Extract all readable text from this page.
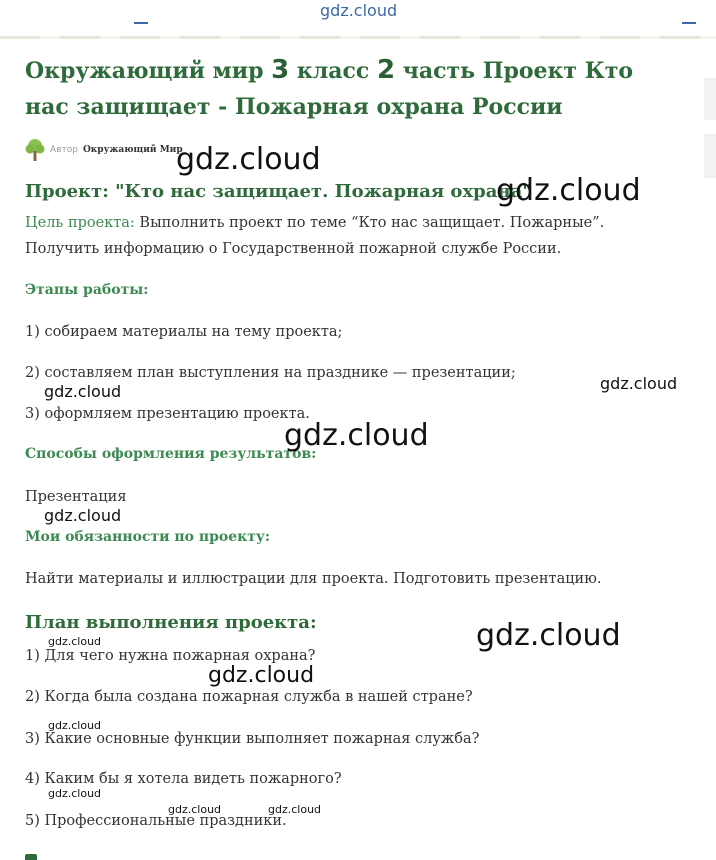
gdz.cloud
Окружающий мир 3 класс 2 часть Проект Кто нас защищает - Пожарная охрана России
Автор Окружающий Мир
Проект: "Кто нас защищает. Пожарная охрана"

Цель проекта: Выполнить проект по теме “Кто нас защищает. Пожарные”. Получить информацию о Государственной пожарной службе России.

Этапы работы:

1) собираем материалы на тему проекта;

2) составляем план выступления на празднике — презентации;

3) оформляем презентацию проекта.

Способы оформления результатов:

Презентация

Мои обязанности по проекту:

Найти материалы и иллюстрации для проекта. Подготовить презентацию.

План выполнения проекта:

1) Для чего нужна пожарная охрана?

2) Когда была создана пожарная служба в нашей стране?

3) Какие основные функции выполняет пожарная служба?

4) Каким бы я хотела видеть пожарного?

5) Профессиональные праздники.

gdz.cloud
gdz.cloud
gdz.cloud	gdz.cloud
gdz.cloud
gdz.cloud
gdz.cloud
gdz.cloud
gdz.cloud
gdz.cloud
gdz.cloud
gdz.cloud	gdz.cloud
